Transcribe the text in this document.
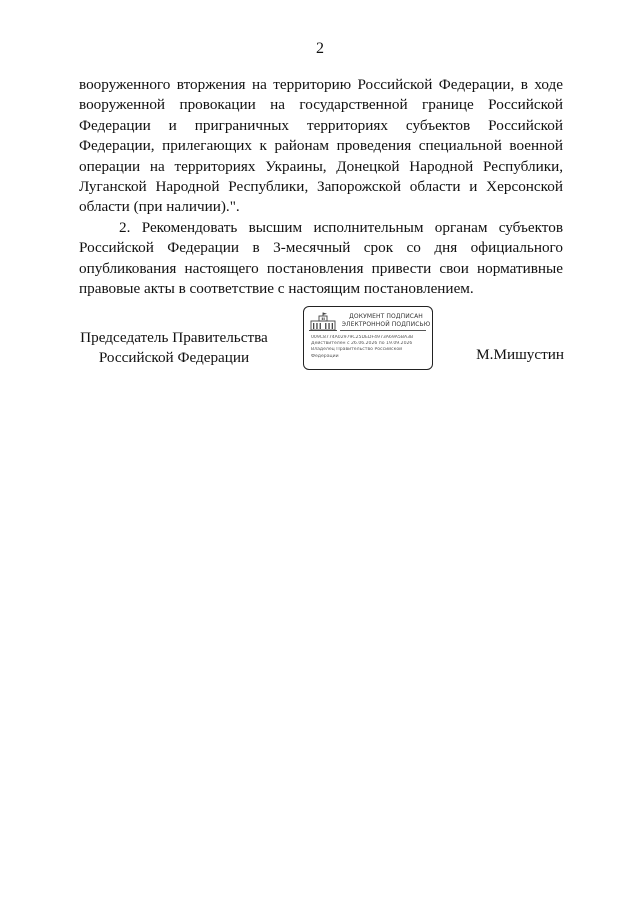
2

вооруженного вторжения на территорию Российской Федерации, в ходе вооруженной провокации на государственной границе Российской Федерации и приграничных территориях субъектов Российской Федерации, прилегающих к районам проведения специальной военной операции на территориях Украины, Донецкой Народной Республики, Луганской Народной Республики, Запорожской области и Херсонской области (при наличии).".

2. Рекомендовать высшим исполнительным органам субъектов Российской Федерации в 3-месячный срок со дня официального опубликования настоящего постановления привести свои нормативные правовые акты в соответствие с настоящим постановлением.

Председатель Правительства
Российской Федерации
ДОКУМЕНТ ПОДПИСАН
ЭЛЕКТРОННОЙ ПОДПИСЬЮ
009C8774A02979C25DEDF4973A69A5BA3B
Действителен с 26.06.2026 по 19.09.2026
Владелец Правительство Российской
Федерации	М.Мишустин
